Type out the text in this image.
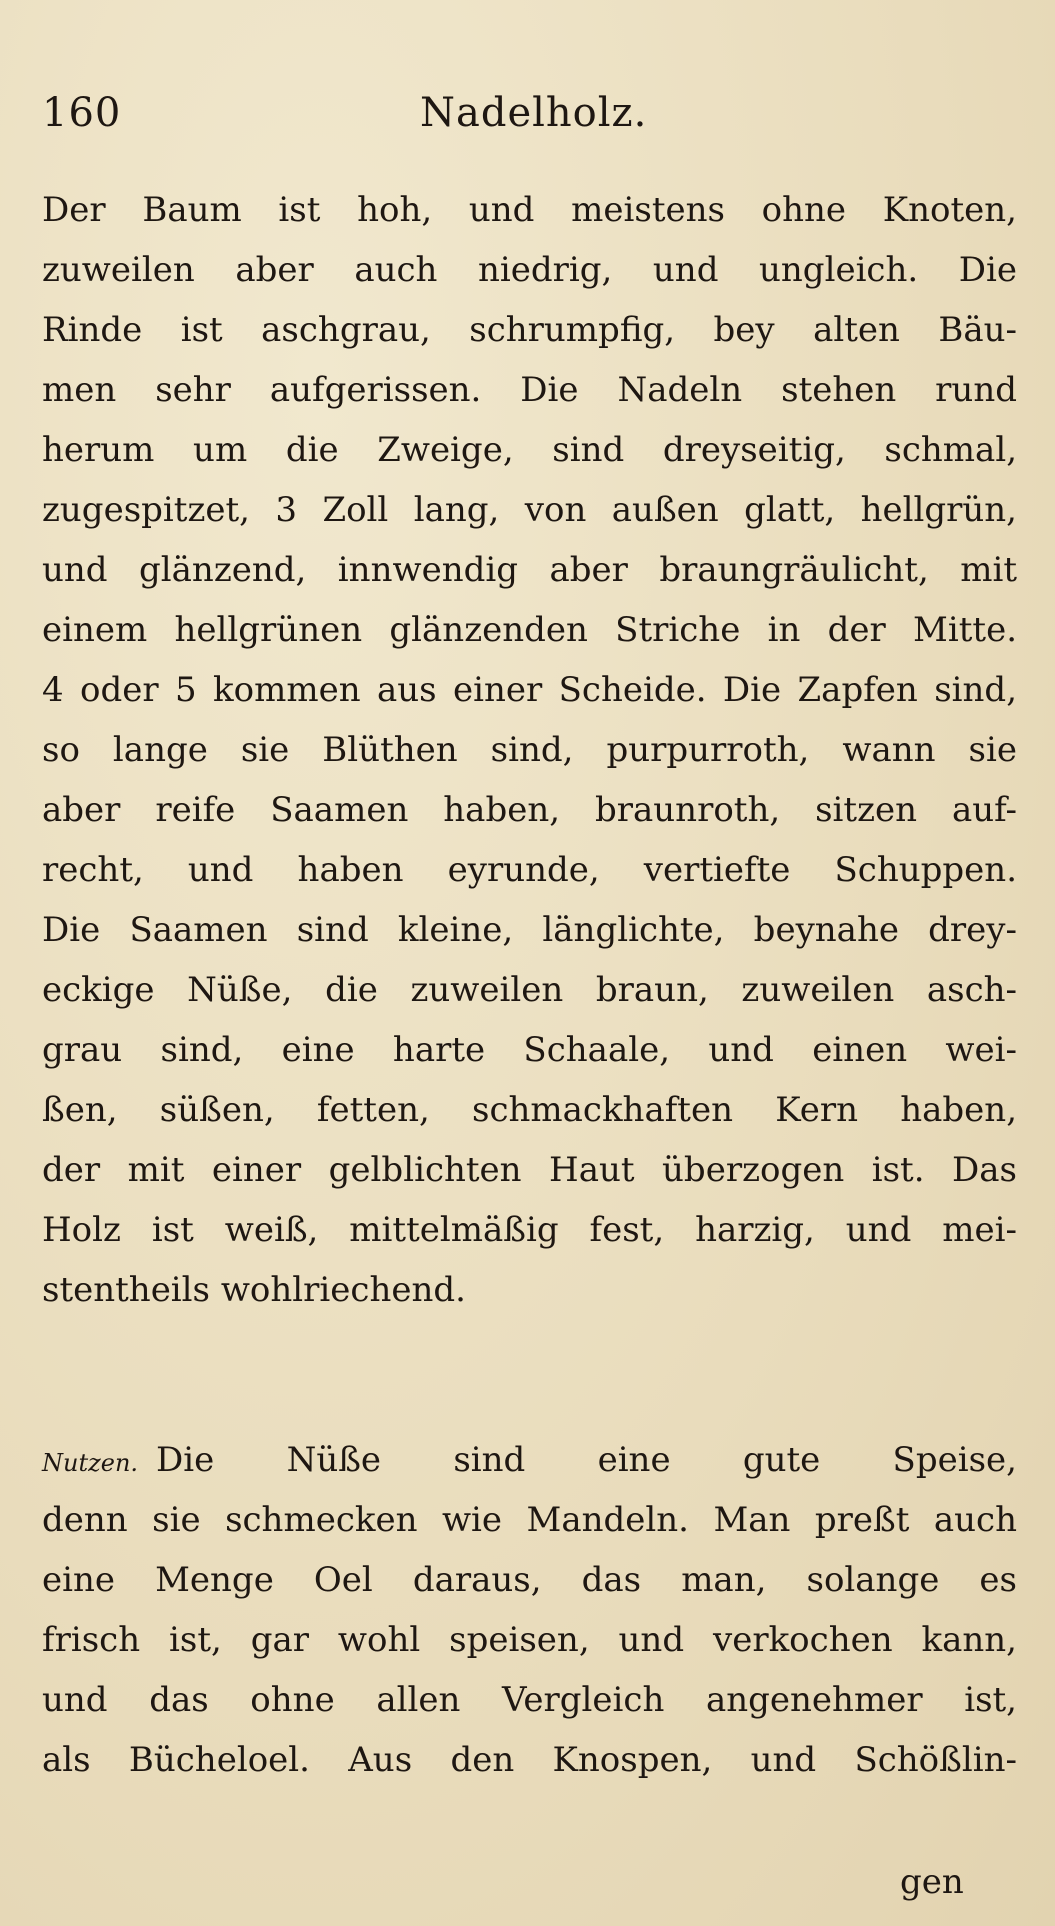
160	Nadelholz.
Der Baum ist hoh, und meistens ohne Knoten,
zuweilen aber auch niedrig, und ungleich. Die
Rinde ist aschgrau, schrumpfig, bey alten Bäu-
men sehr aufgerissen. Die Nadeln stehen rund
herum um die Zweige, sind dreyseitig, schmal,
zugespitzet, 3 Zoll lang, von außen glatt, hellgrün,
und glänzend, innwendig aber braungräulicht, mit
einem hellgrünen glänzenden Striche in der Mitte.
4 oder 5 kommen aus einer Scheide. Die Zapfen sind,
so lange sie Blüthen sind, purpurroth, wann sie
aber reife Saamen haben, braunroth, sitzen auf-
recht, und haben eyrunde, vertiefte Schuppen.
Die Saamen sind kleine, länglichte, beynahe drey-
eckige Nüße, die zuweilen braun, zuweilen asch-
grau sind, eine harte Schaale, und einen wei-
ßen, süßen, fetten, schmackhaften Kern haben,
der mit einer gelblichten Haut überzogen ist. Das
Holz ist weiß, mittelmäßig fest, harzig, und mei-
stentheils wohlriechend.
Nutzen. Die Nüße sind eine gute Speise,
denn sie schmecken wie Mandeln. Man preßt auch
eine Menge Oel daraus, das man, solange es
frisch ist, gar wohl speisen, und verkochen kann,
und das ohne allen Vergleich angenehmer ist,
als Bücheloel. Aus den Knospen, und Schößlin-
gen
